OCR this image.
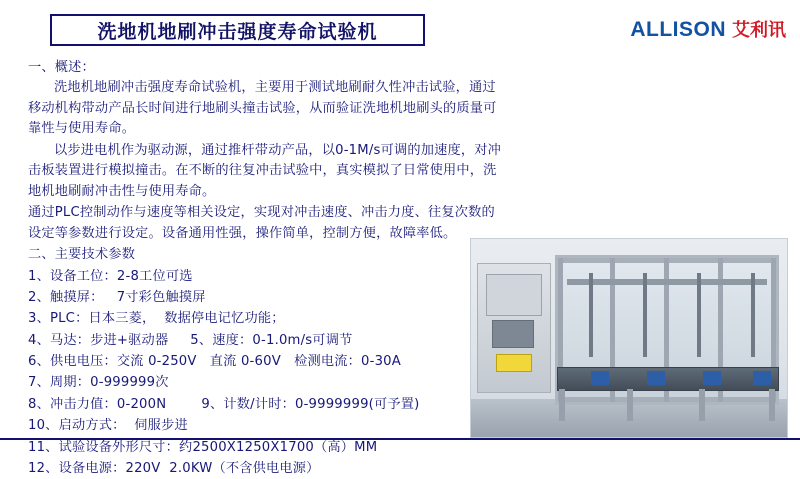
洗地机地刷冲击强度寿命试验机	ALLISON 艾利讯

一、概述：

洗地机地刷冲击强度寿命试验机，主要用于测试地刷耐久性冲击试验，通过移动机构带动产品长时间进行地刷头撞击试验，从而验证洗地机地刷头的质量可靠性与使用寿命。

以步进电机作为驱动源，通过推杆带动产品，以0-1M/s可调的加速度，对冲击板装置进行模拟撞击。在不断的往复冲击试验中，真实模拟了日常使用中，洗地机地刷耐冲击性与使用寿命。

通过PLC控制动作与速度等相关设定，实现对冲击速度、冲击力度、往复次数的设定等参数进行设定。设备通用性强，操作简单，控制方便，故障率低。

二、主要技术参数

1、设备工位：2-8工位可选
2、触摸屏：   7寸彩色触摸屏
3、PLC：日本三菱，  数据停电记忆功能；
4、马达：步进+驱动器     5、速度：0-1.0m/s可调节
6、供电电压：交流 0-250V   直流 0-60V   检测电流：0-30A
7、周期：0-999999次
8、冲击力值：0-200N        9、计数/计时：0-9999999(可予置)
10、启动方式：  伺服步进
11、试验设备外形尺寸：约2500X1250X1700（高）MM
12、设备电源：220V  2.0KW（不含供电电源）
